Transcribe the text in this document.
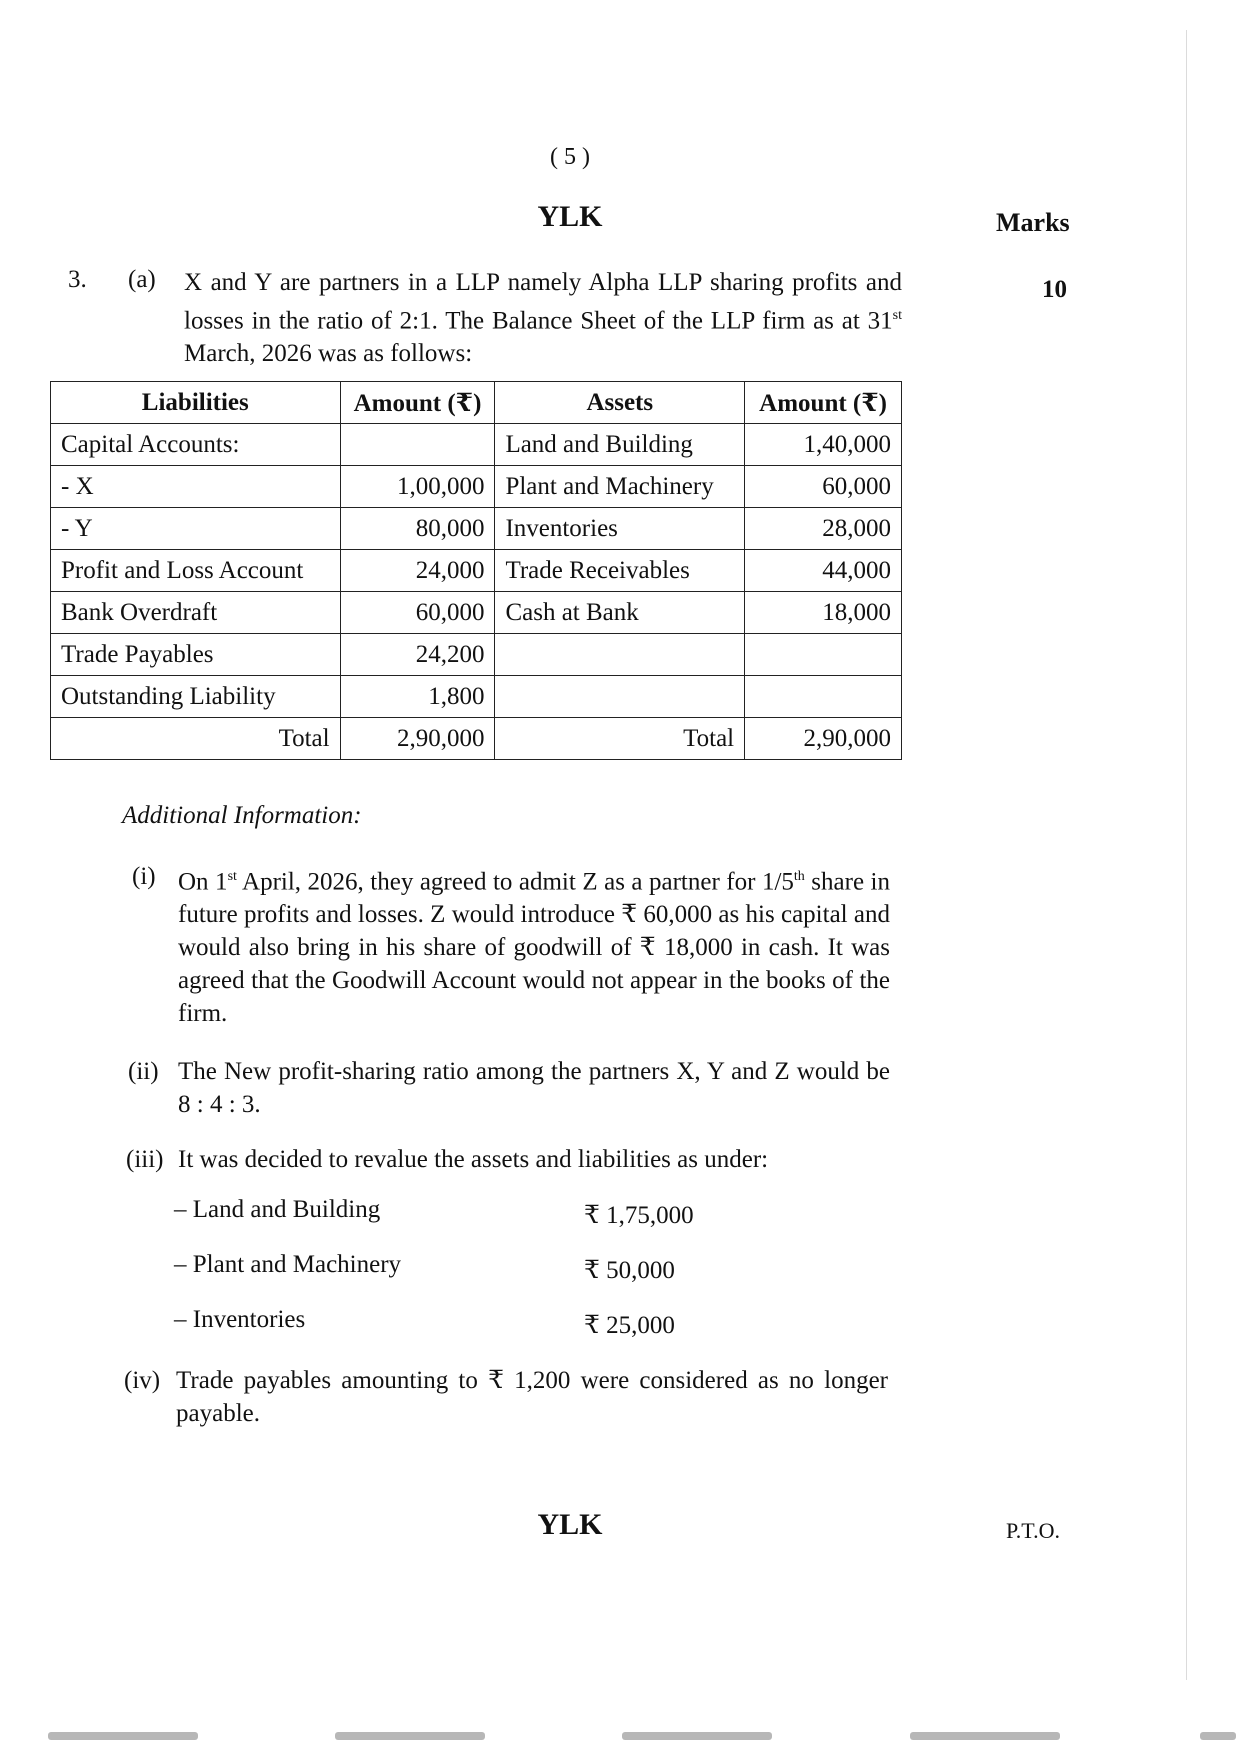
( 5 )
YLK	Marks
3. (a)	10
X and Y are partners in a LLP namely Alpha LLP sharing profits and losses in the ratio of 2:1. The Balance Sheet of the LLP firm as at 31st March, 2026 was as follows:
Liabilities	Amount (₹)	Assets	Amount (₹)
Capital Accounts:		Land and Building	1,40,000
- X	1,00,000	Plant and Machinery	60,000
- Y	80,000	Inventories	28,000
Profit and Loss Account	24,000	Trade Receivables	44,000
Bank Overdraft	60,000	Cash at Bank	18,000
Trade Payables	24,200		
Outstanding Liability	1,800		
Total	2,90,000	Total	2,90,000
Additional Information:
(i) On 1st April, 2026, they agreed to admit Z as a partner for 1/5th share in future profits and losses. Z would introduce ₹ 60,000 as his capital and would also bring in his share of goodwill of ₹ 18,000 in cash. It was agreed that the Goodwill Account would not appear in the books of the firm.
(ii) The New profit-sharing ratio among the partners X, Y and Z would be 8 : 4 : 3.
(iii) It was decided to revalue the assets and liabilities as under:
– Land and Building	₹ 1,75,000
– Plant and Machinery	₹ 50,000
– Inventories	₹ 25,000
(iv) Trade payables amounting to ₹ 1,200 were considered as no longer payable.
YLK	P.T.O.
